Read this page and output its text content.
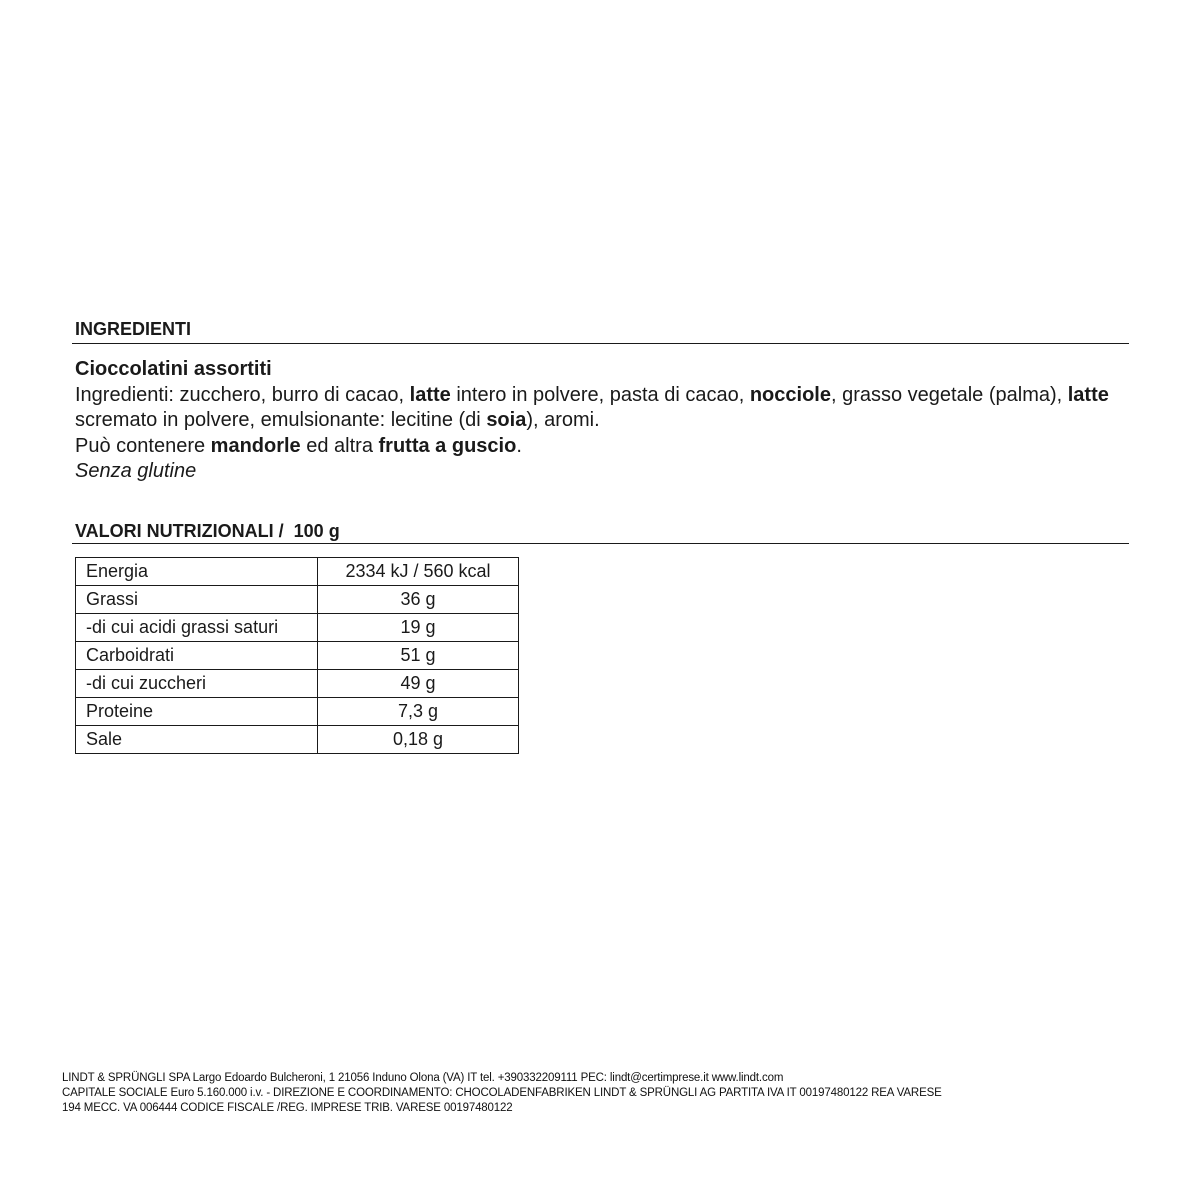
INGREDIENTI

Cioccolatini assortiti

Ingredienti: zucchero, burro di cacao, latte intero in polvere, pasta di cacao, nocciole, grasso vegetale (palma), latte scremato in polvere, emulsionante: lecitine (di soia), aromi.

Può contenere mandorle ed altra frutta a guscio.

Senza glutine

VALORI NUTRIZIONALI /  100 g
Energia	2334 kJ / 560 kcal
Grassi	36 g
-di cui acidi grassi saturi	19 g
Carboidrati	51 g
-di cui zuccheri	49 g
Proteine	7,3 g
Sale	0,18 g
LINDT & SPRÜNGLI SPA Largo Edoardo Bulcheroni, 1 21056 Induno Olona (VA) IT tel. +390332209111 PEC: lindt@certimprese.it www.lindt.com
CAPITALE SOCIALE Euro 5.160.000 i.v. - DIREZIONE E COORDINAMENTO: CHOCOLADENFABRIKEN LINDT & SPRÜNGLI AG PARTITA IVA IT 00197480122 REA VARESE
194 MECC. VA 006444 CODICE FISCALE /REG. IMPRESE TRIB. VARESE 00197480122
